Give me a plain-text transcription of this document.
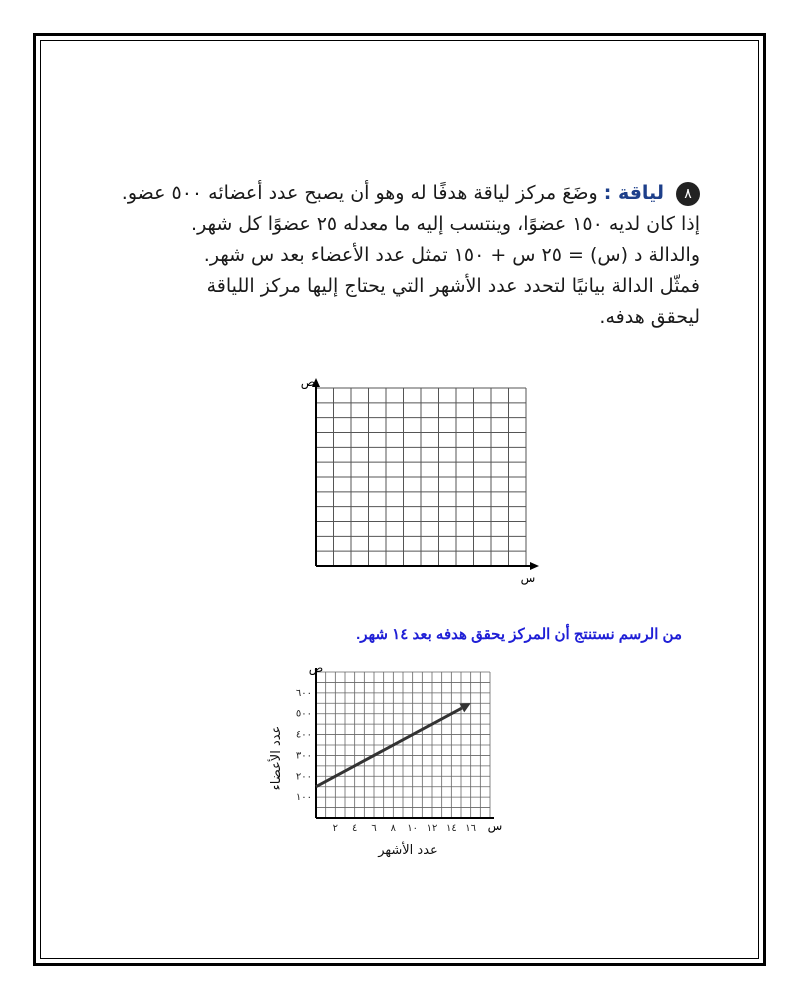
٨ لياقة : وضَعَ مركز لياقة هدفًا له وهو أن يصبح عدد أعضائه ٥٠٠ عضو.
إذا كان لديه ١٥٠ عضوًا، وينتسب إليه ما معدله ٢٥ عضوًا كل شهر.
والدالة د (س) = ٢٥ س + ١٥٠ تمثل عدد الأعضاء بعد س شهر.
فمثّل الدالة بيانيًا لتحدد عدد الأشهر التي يحتاج إليها مركز اللياقة
ليحقق هدفه.
ص
س
من الرسم نستنتج أن المركز يحقق هدفه بعد ١٤ شهر.
٢ ٤ ٦ ٨ ١٠ ١٢ ١٤ ١٦
١٠٠
٢٠٠
٣٠٠
٤٠٠
٥٠٠
٦٠٠
عدد الأعضاء
عدد الأشهر
ص
س
